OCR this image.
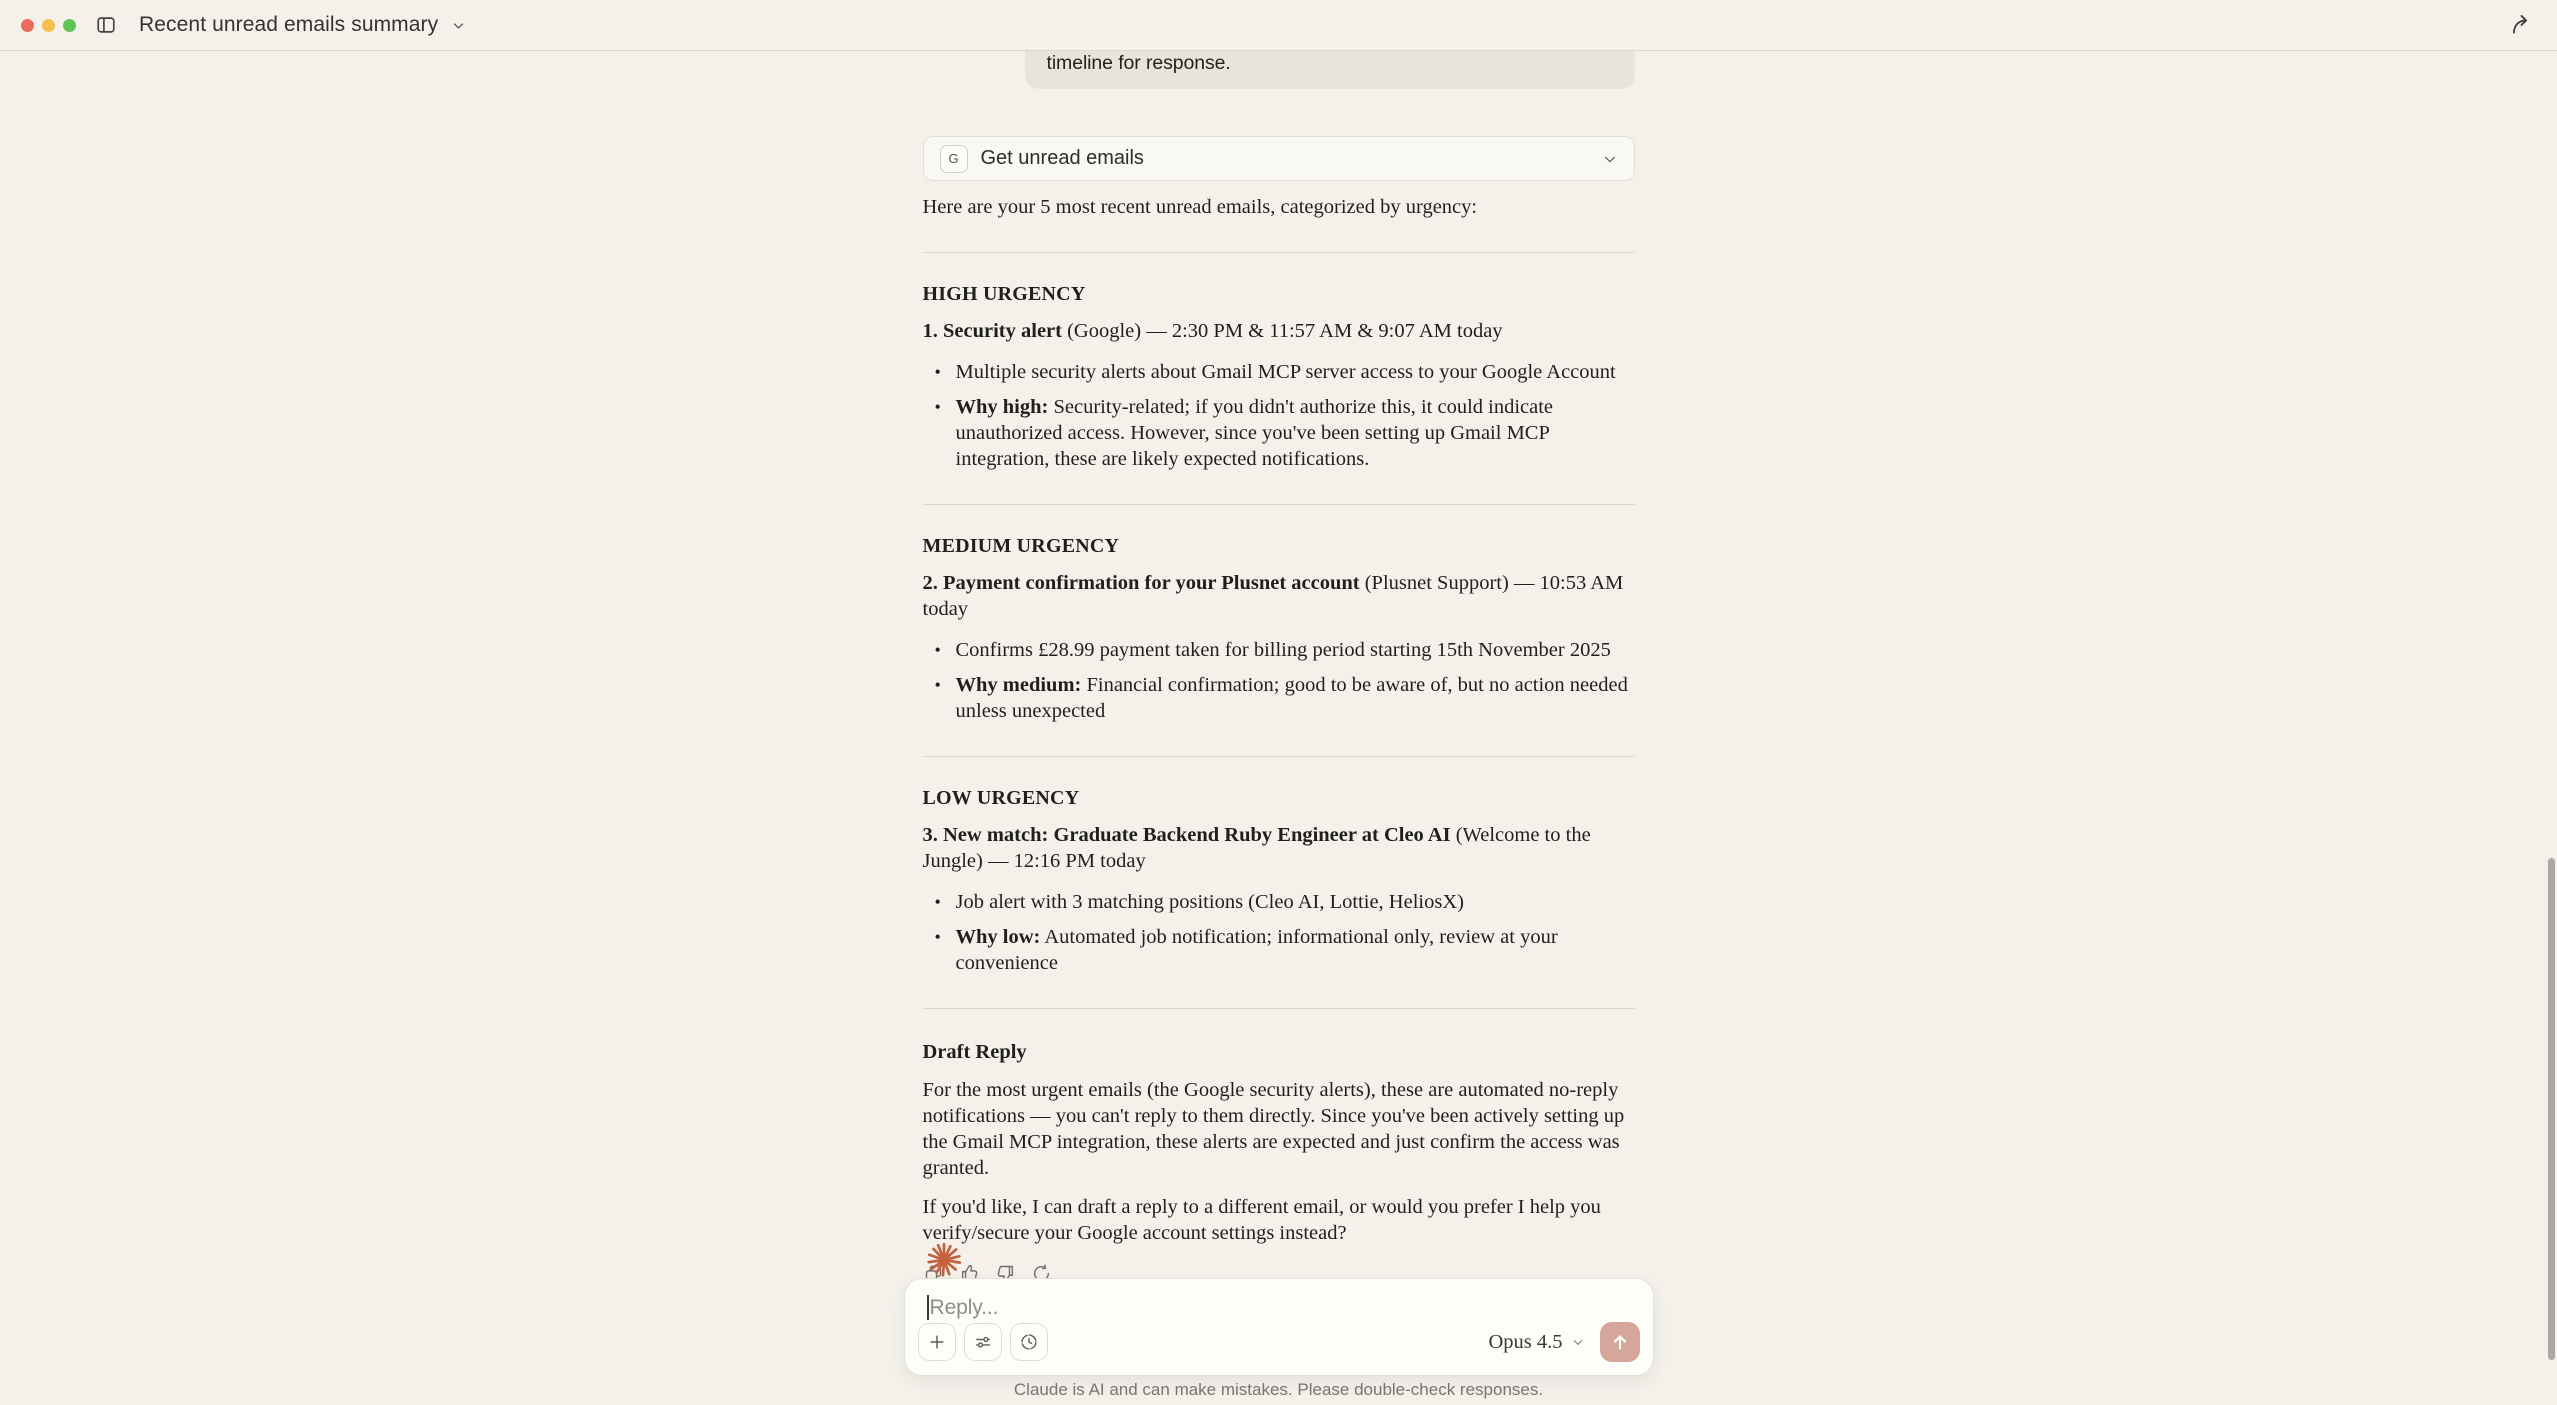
Recent unread emails summary
timeline for response.
G	Get unread emails

Here are your 5 most recent unread emails, categorized by urgency:

HIGH URGENCY

1. Security alert (Google) — 2:30 PM & 11:57 AM & 9:07 AM today

• Multiple security alerts about Gmail MCP server access to your Google Account
• Why high: Security-related; if you didn't authorize this, it could indicate unauthorized access. However, since you've been setting up Gmail MCP integration, these are likely expected notifications.
MEDIUM URGENCY

2. Payment confirmation for your Plusnet account (Plusnet Support) — 10:53 AM today

• Confirms £28.99 payment taken for billing period starting 15th November 2025
• Why medium: Financial confirmation; good to be aware of, but no action needed unless unexpected
LOW URGENCY

3. New match: Graduate Backend Ruby Engineer at Cleo AI (Welcome to the Jungle) — 12:16 PM today

• Job alert with 3 matching positions (Cleo AI, Lottie, HeliosX)
• Why low: Automated job notification; informational only, review at your convenience
Draft Reply

For the most urgent emails (the Google security alerts), these are automated no-reply notifications — you can't reply to them directly. Since you've been actively setting up the Gmail MCP integration, these alerts are expected and just confirm the access was granted.

If you'd like, I can draft a reply to a different email, or would you prefer I help you verify/secure your Google account settings instead?

Reply...
Opus 4.5
Claude is AI and can make mistakes. Please double-check responses.
